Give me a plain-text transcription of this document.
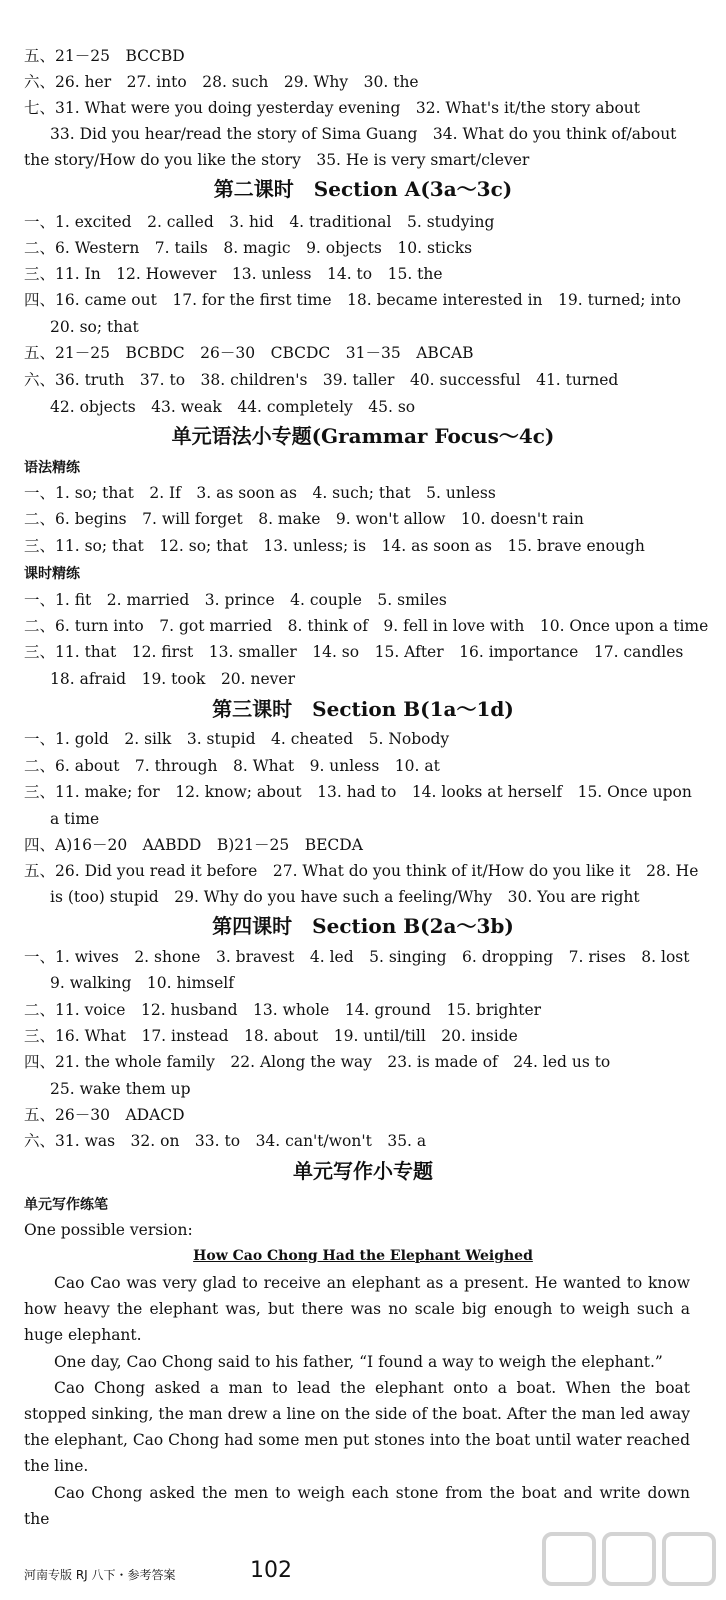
五、21－25　BCCBD
六、26. her　27. into　28. such　29. Why　30. the
七、31. What were you doing yesterday evening　32. What's it/the story about
33. Did you hear/read the story of Sima Guang　34. What do you think of/about
the story/How do you like the story　35. He is very smart/clever
第二课时　Section A(3a～3c)
一、1. excited　2. called　3. hid　4. traditional　5. studying
二、6. Western　7. tails　8. magic　9. objects　10. sticks
三、11. In　12. However　13. unless　14. to　15. the
四、16. came out　17. for the first time　18. became interested in　19. turned; into
20. so; that
五、21－25　BCBDC　26－30　CBCDC　31－35　ABCAB
六、36. truth　37. to　38. children's　39. taller　40. successful　41. turned
42. objects　43. weak　44. completely　45. so
单元语法小专题(Grammar Focus～4c)
语法精练
一、1. so; that　2. If　3. as soon as　4. such; that　5. unless
二、6. begins　7. will forget　8. make　9. won't allow　10. doesn't rain
三、11. so; that　12. so; that　13. unless; is　14. as soon as　15. brave enough
课时精练
一、1. fit　2. married　3. prince　4. couple　5. smiles
二、6. turn into　7. got married　8. think of　9. fell in love with　10. Once upon a time
三、11. that　12. first　13. smaller　14. so　15. After　16. importance　17. candles
18. afraid　19. took　20. never
第三课时　Section B(1a～1d)
一、1. gold　2. silk　3. stupid　4. cheated　5. Nobody
二、6. about　7. through　8. What　9. unless　10. at
三、11. make; for　12. know; about　13. had to　14. looks at herself　15. Once upon
a time
四、A)16－20　AABDD　B)21－25　BECDA
五、26. Did you read it before　27. What do you think of it/How do you like it　28. He
is (too) stupid　29. Why do you have such a feeling/Why　30. You are right
第四课时　Section B(2a～3b)
一、1. wives　2. shone　3. bravest　4. led　5. singing　6. dropping　7. rises　8. lost
9. walking　10. himself
二、11. voice　12. husband　13. whole　14. ground　15. brighter
三、16. What　17. instead　18. about　19. until/till　20. inside
四、21. the whole family　22. Along the way　23. is made of　24. led us to
25. wake them up
五、26－30　ADACD
六、31. was　32. on　33. to　34. can't/won't　35. a
单元写作小专题
单元写作练笔
One possible version:
How Cao Chong Had the Elephant Weighed
Cao Cao was very glad to receive an elephant as a present. He wanted to know how heavy the elephant was, but there was no scale big enough to weigh such a huge elephant.
One day, Cao Chong said to his father, “I found a way to weigh the elephant.”
Cao Chong asked a man to lead the elephant onto a boat. When the boat stopped sinking, the man drew a line on the side of the boat. After the man led away the elephant, Cao Chong had some men put stones into the boat until water reached the line.
Cao Chong asked the men to weigh each stone from the boat and write down the
河南专版 RJ 八下・参考答案	102
